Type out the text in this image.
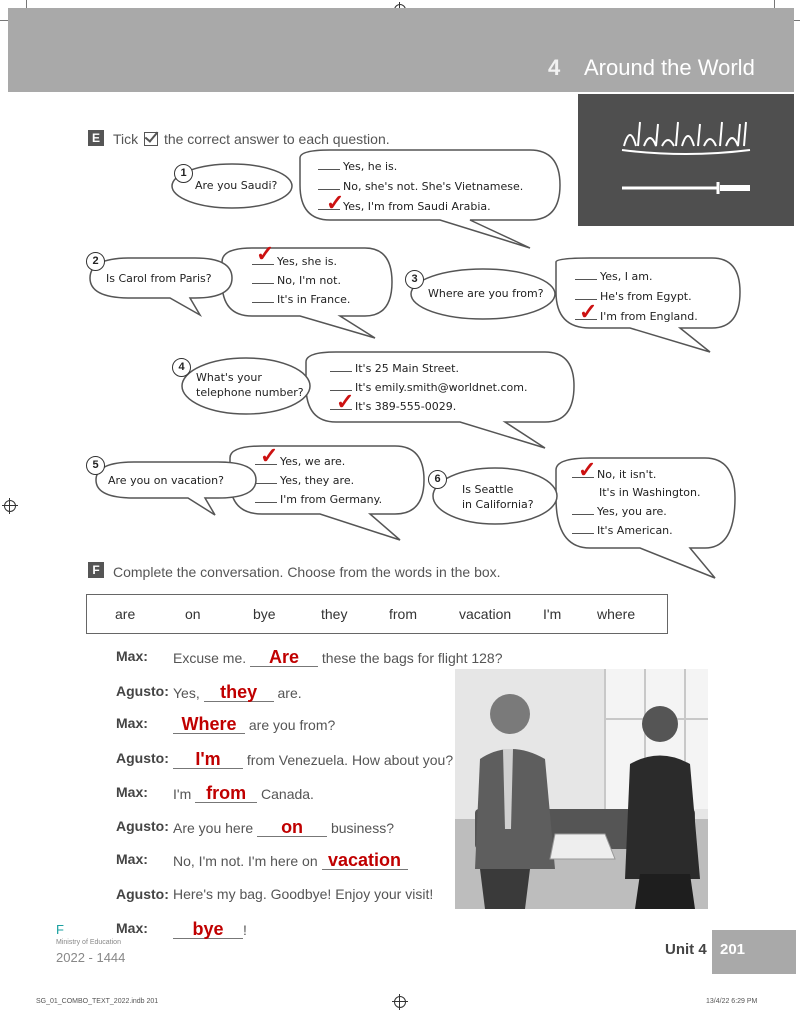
4 Around the World
E Tick the correct answer to each question.
1
2
3
4
5
6
Are you Saudi?
Is Carol from Paris?
Where are you from?
What's your
telephone number?
Are you on vacation?
Is Seattle
in California?
Yes, he is.
No, she's not. She's Vietnamese.
Yes, I'm from Saudi Arabia.
✓
Yes, she is.
No, I'm not.
It's in France.
✓
Yes, I am.
He's from Egypt.
I'm from England.
✓
It's 25 Main Street.
It's emily.smith@worldnet.com.
It's 389-555-0029.
✓
Yes, we are.
Yes, they are.
I'm from Germany.
✓
No, it isn't.
It's in Washington.
Yes, you are.
It's American.
✓
F Complete the conversation. Choose from the words in the box.
are	on	bye	they	from	vacation I'm	where
Max: Excuse me. Are these the bags for flight 128?
Agusto: Yes, they are.
Max:	Where are you from?
Agusto:	I'm from Venezuela. How about you?
Max: I'm from Canada.
Agusto: Are you here on business?
Max: No, I'm not. I'm here on vacation
Agusto: Here's my bag. Goodbye! Enjoy your visit!
Max:	bye !
F
Ministry of Education
2022 - 1444	Unit 4 201
SG_01_COMBO_TEXT_2022.indb 201	13/4/22 6:29 PM
